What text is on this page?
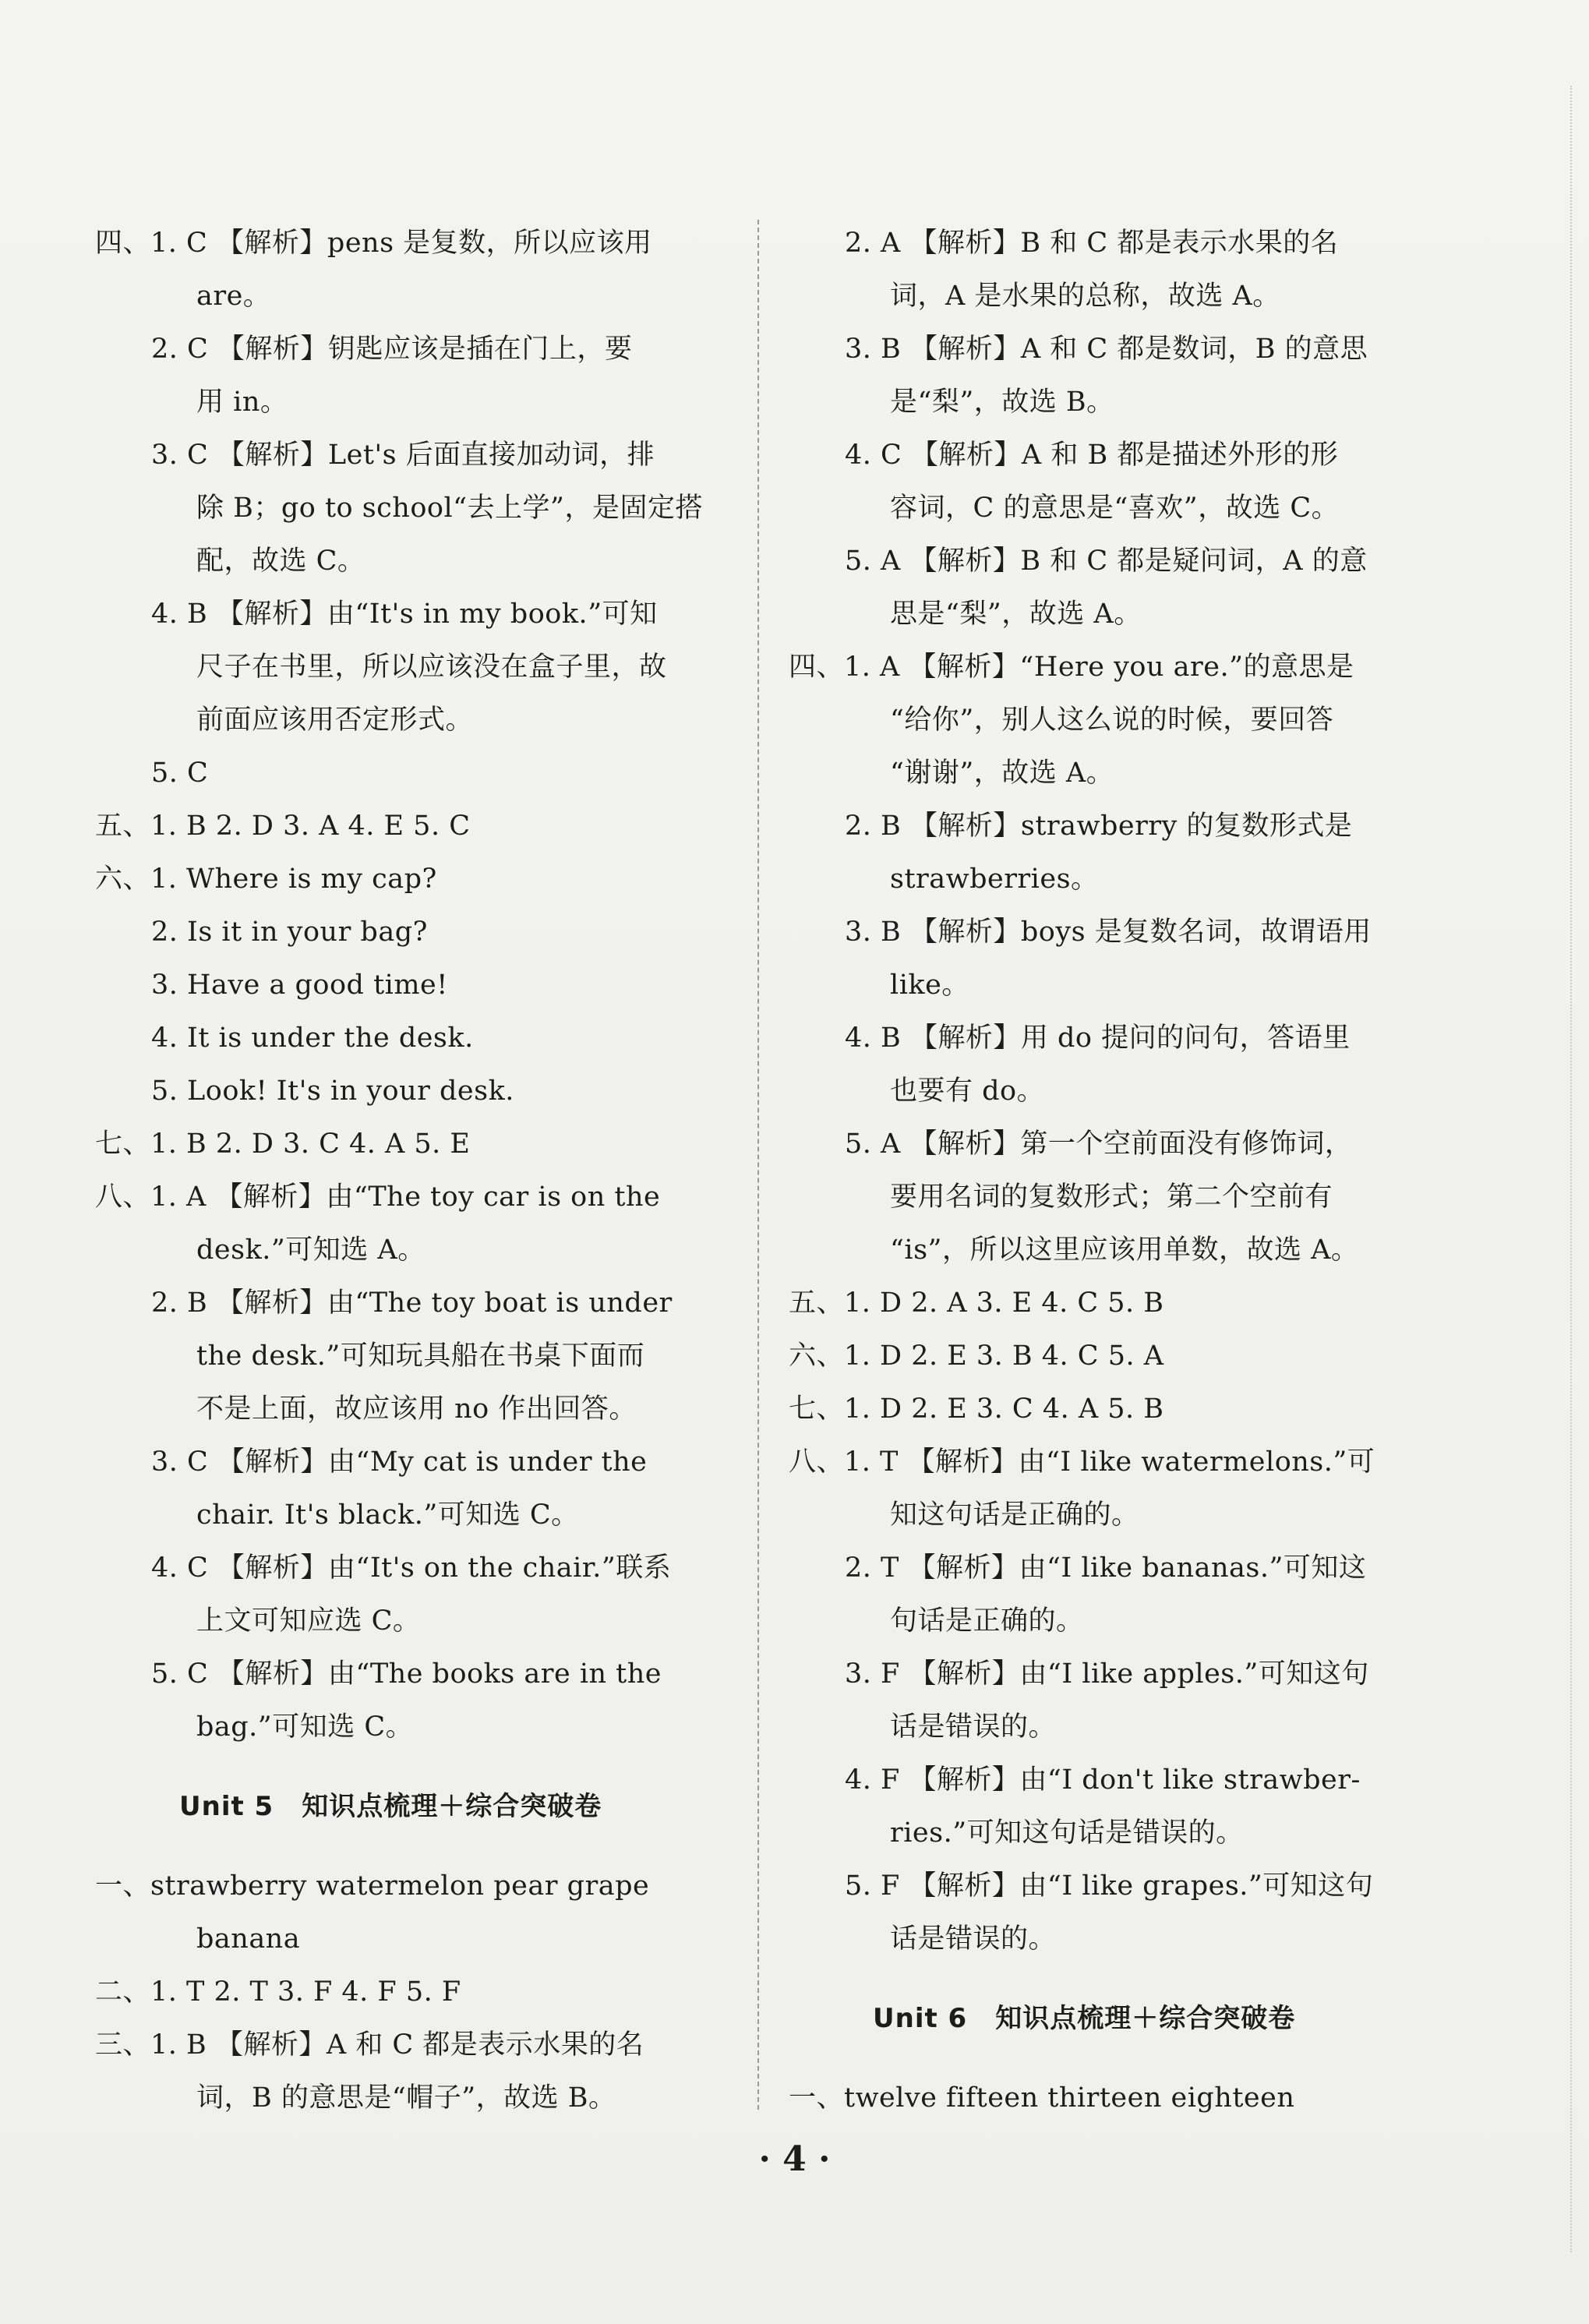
四、1. C 【解析】pens 是复数，所以应该用
are。
2. C 【解析】钥匙应该是插在门上，要
用 in。
3. C 【解析】Let's 后面直接加动词，排
除 B；go to school“去上学”，是固定搭
配，故选 C。
4. B 【解析】由“It's in my book.”可知
尺子在书里，所以应该没在盒子里，故
前面应该用否定形式。
5. C
五、1. B 2. D 3. A 4. E 5. C
六、1. Where is my cap?
2. Is it in your bag?
3. Have a good time!
4. It is under the desk.
5. Look! It's in your desk.
七、1. B 2. D 3. C 4. A 5. E
八、1. A 【解析】由“The toy car is on the
desk.”可知选 A。
2. B 【解析】由“The toy boat is under
the desk.”可知玩具船在书桌下面而
不是上面，故应该用 no 作出回答。
3. C 【解析】由“My cat is under the
chair. It's black.”可知选 C。
4. C 【解析】由“It's on the chair.”联系
上文可知应选 C。
5. C 【解析】由“The books are in the
bag.”可知选 C。
Unit 5 知识点梳理＋综合突破卷
一、strawberry watermelon pear grape
banana
二、1. T 2. T 3. F 4. F 5. F
三、1. B 【解析】A 和 C 都是表示水果的名
词，B 的意思是“帽子”，故选 B。
2. A 【解析】B 和 C 都是表示水果的名
词，A 是水果的总称，故选 A。
3. B 【解析】A 和 C 都是数词，B 的意思
是“梨”，故选 B。
4. C 【解析】A 和 B 都是描述外形的形
容词，C 的意思是“喜欢”，故选 C。
5. A 【解析】B 和 C 都是疑问词，A 的意
思是“梨”，故选 A。
四、1. A 【解析】“Here you are.”的意思是
“给你”，别人这么说的时候，要回答
“谢谢”，故选 A。
2. B 【解析】strawberry 的复数形式是
strawberries。
3. B 【解析】boys 是复数名词，故谓语用
like。
4. B 【解析】用 do 提问的问句，答语里
也要有 do。
5. A 【解析】第一个空前面没有修饰词，
要用名词的复数形式；第二个空前有
“is”，所以这里应该用单数，故选 A。
五、1. D 2. A 3. E 4. C 5. B
六、1. D 2. E 3. B 4. C 5. A
七、1. D 2. E 3. C 4. A 5. B
八、1. T 【解析】由“I like watermelons.”可
知这句话是正确的。
2. T 【解析】由“I like bananas.”可知这
句话是正确的。
3. F 【解析】由“I like apples.”可知这句
话是错误的。
4. F 【解析】由“I don't like strawber-
ries.”可知这句话是错误的。
5. F 【解析】由“I like grapes.”可知这句
话是错误的。
Unit 6 知识点梳理＋综合突破卷
一、twelve fifteen thirteen eighteen
· 4 ·
